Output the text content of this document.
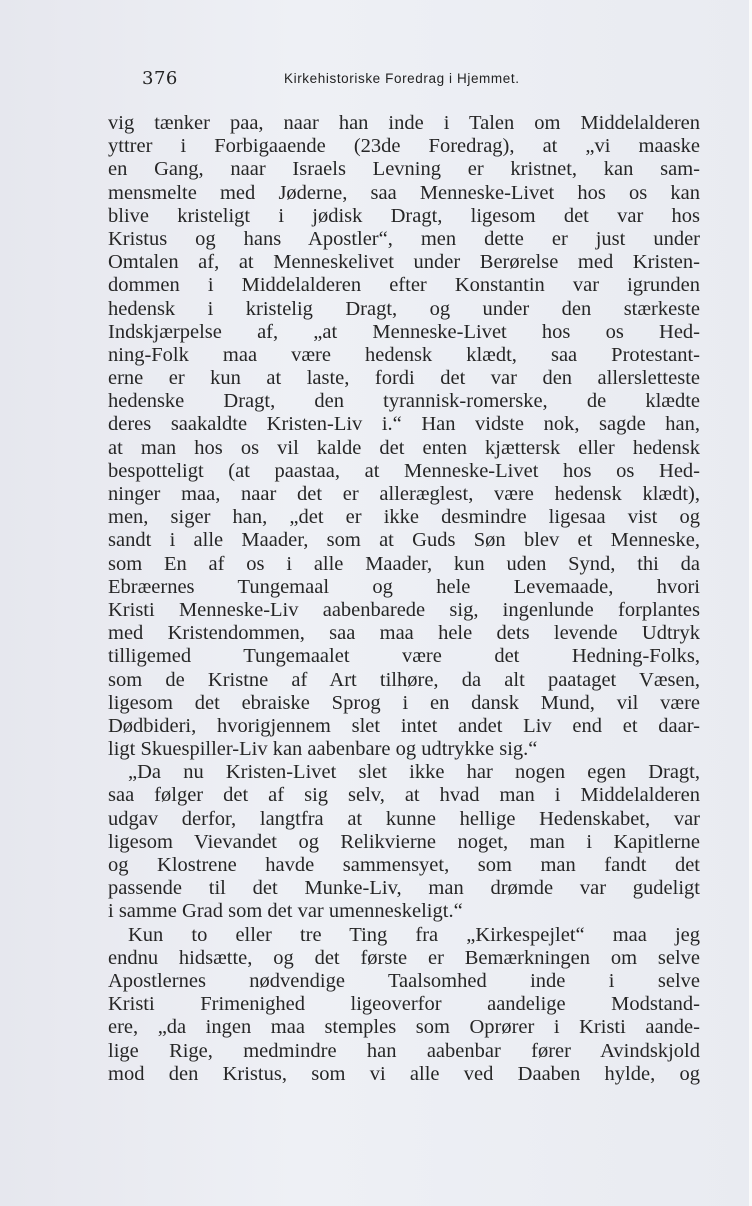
376	Kirkehistoriske Foredrag i Hjemmet.
vig tænker paa, naar han inde i Talen om Middelalderen
yttrer i Forbigaaende (23de Foredrag), at „vi maaske
en Gang, naar Israels Levning er kristnet, kan sam-
mensmelte med Jøderne, saa Menneske-Livet hos os kan
blive kristeligt i jødisk Dragt, ligesom det var hos
Kristus og hans Apostler“, men dette er just under
Omtalen af, at Menneskelivet under Berørelse med Kristen-
dommen i Middelalderen efter Konstantin var igrunden
hedensk i kristelig Dragt, og under den stærkeste
Indskjærpelse af, „at Menneske-Livet hos os Hed-
ning-Folk maa være hedensk klædt, saa Protestant-
erne er kun at laste, fordi det var den allersletteste
hedenske Dragt, den tyrannisk-romerske, de klædte
deres saakaldte Kristen-Liv i.“ Han vidste nok, sagde han,
at man hos os vil kalde det enten kjættersk eller hedensk
bespotteligt (at paastaa, at Menneske-Livet hos os Hed-
ninger maa, naar det er alleræglest, være hedensk klædt),
men, siger han, „det er ikke desmindre ligesaa vist og
sandt i alle Maader, som at Guds Søn blev et Menneske,
som En af os i alle Maader, kun uden Synd, thi da
Ebræernes Tungemaal og hele Levemaade, hvori
Kristi Menneske-Liv aabenbarede sig, ingenlunde forplantes
med Kristendommen, saa maa hele dets levende Udtryk
tilligemed Tungemaalet være det Hedning-Folks,
som de Kristne af Art tilhøre, da alt paataget Væsen,
ligesom det ebraiske Sprog i en dansk Mund, vil være
Dødbideri, hvorigjennem slet intet andet Liv end et daar-
ligt Skuespiller-Liv kan aabenbare og udtrykke sig.“
„Da nu Kristen-Livet slet ikke har nogen egen Dragt,
saa følger det af sig selv, at hvad man i Middelalderen
udgav derfor, langtfra at kunne hellige Hedenskabet, var
ligesom Vievandet og Relikvierne noget, man i Kapitlerne
og Klostrene havde sammensyet, som man fandt det
passende til det Munke-Liv, man drømde var gudeligt
i samme Grad som det var umenneskeligt.“
Kun to eller tre Ting fra „Kirkespejlet“ maa jeg
endnu hidsætte, og det første er Bemærkningen om selve
Apostlernes nødvendige Taalsomhed inde i selve
Kristi Frimenighed ligeoverfor aandelige Modstand-
ere, „da ingen maa stemples som Oprører i Kristi aande-
lige Rige, medmindre han aabenbar fører Avindskjold
mod den Kristus, som vi alle ved Daaben hylde, og
